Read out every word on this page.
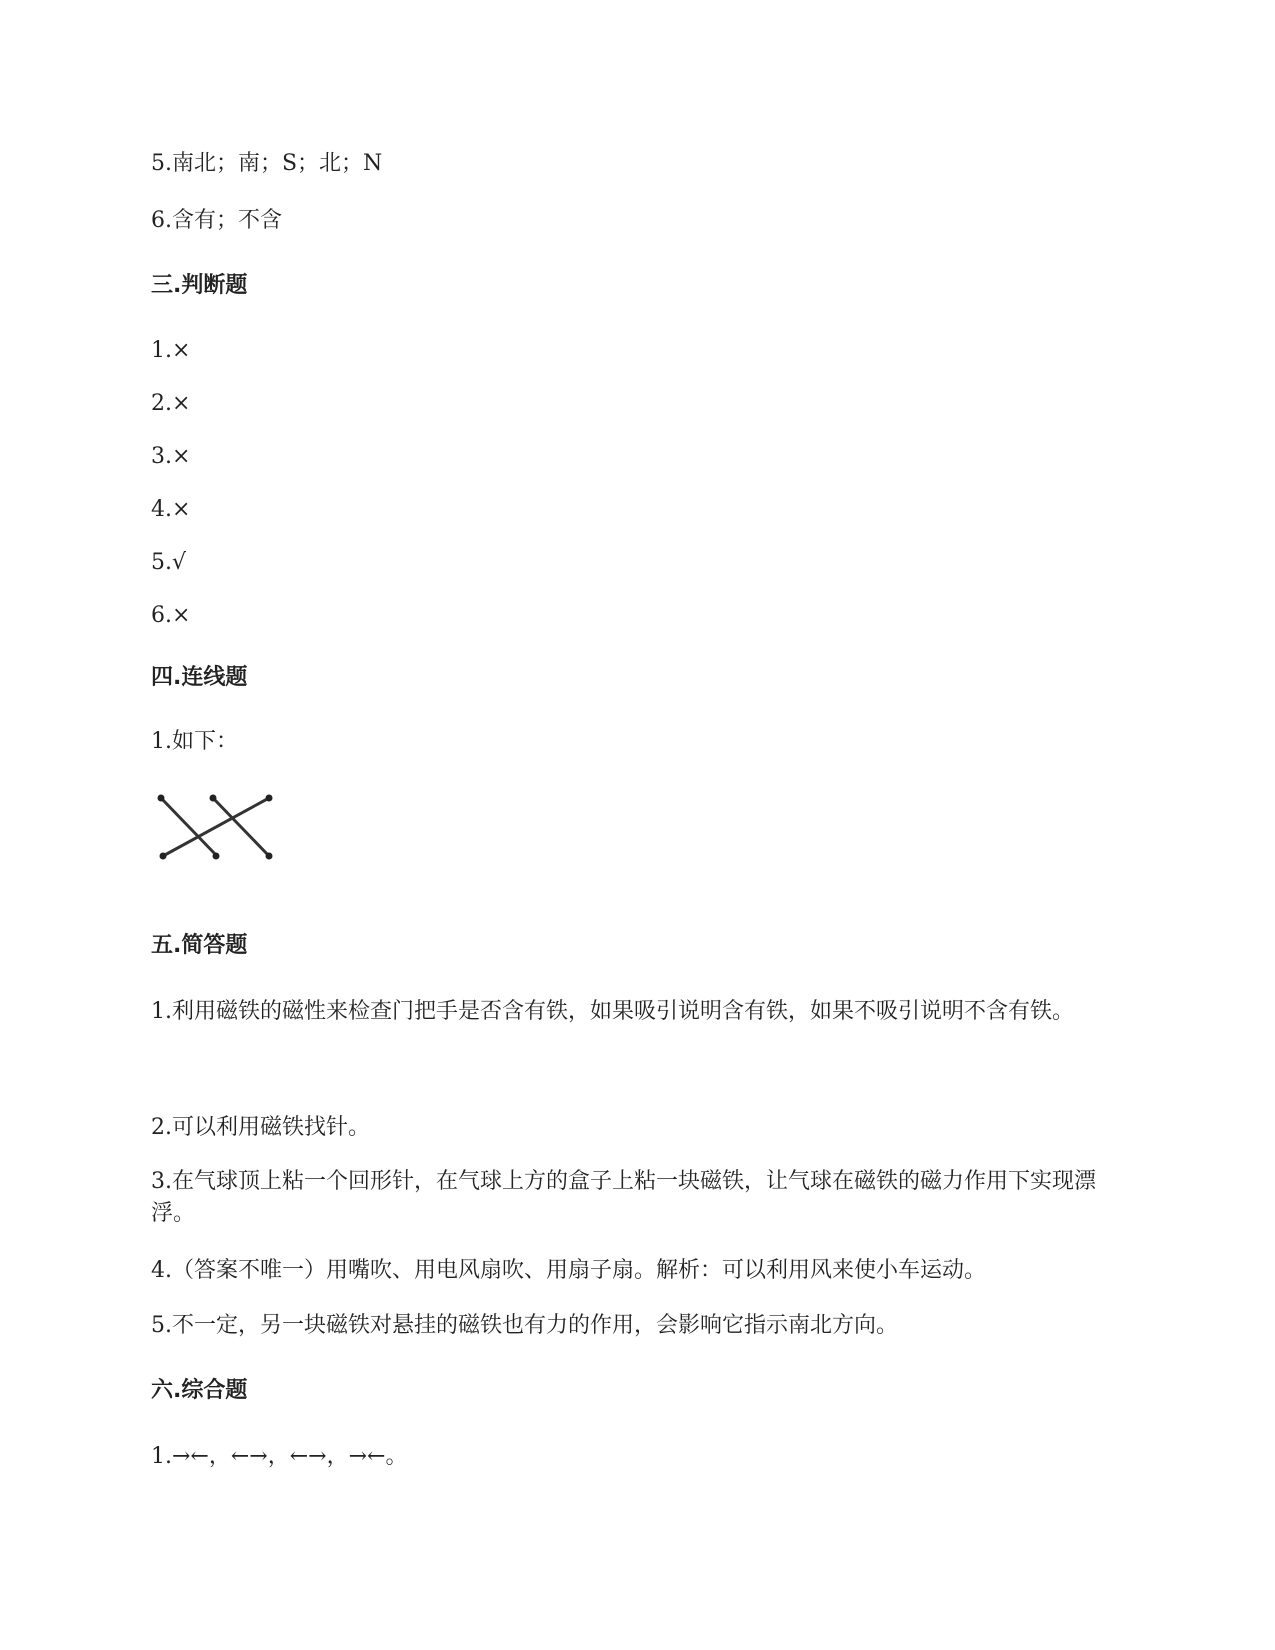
5.南北；南；S；北；N
6.含有；不含
三.判断题
1.×
2.×
3.×
4.×
5.√
6.×
四.连线题
1.如下：
五.简答题
1.利用磁铁的磁性来检查门把手是否含有铁，如果吸引说明含有铁，如果不吸引说明不含有铁。
2.可以利用磁铁找针。
3.在气球顶上粘一个回形针，在气球上方的盒子上粘一块磁铁，让气球在磁铁的磁力作用下实现漂浮。
4.（答案不唯一）用嘴吹、用电风扇吹、用扇子扇。解析：可以利用风来使小车运动。
5.不一定，另一块磁铁对悬挂的磁铁也有力的作用，会影响它指示南北方向。
六.综合题
1.→←，←→，←→，→←。
